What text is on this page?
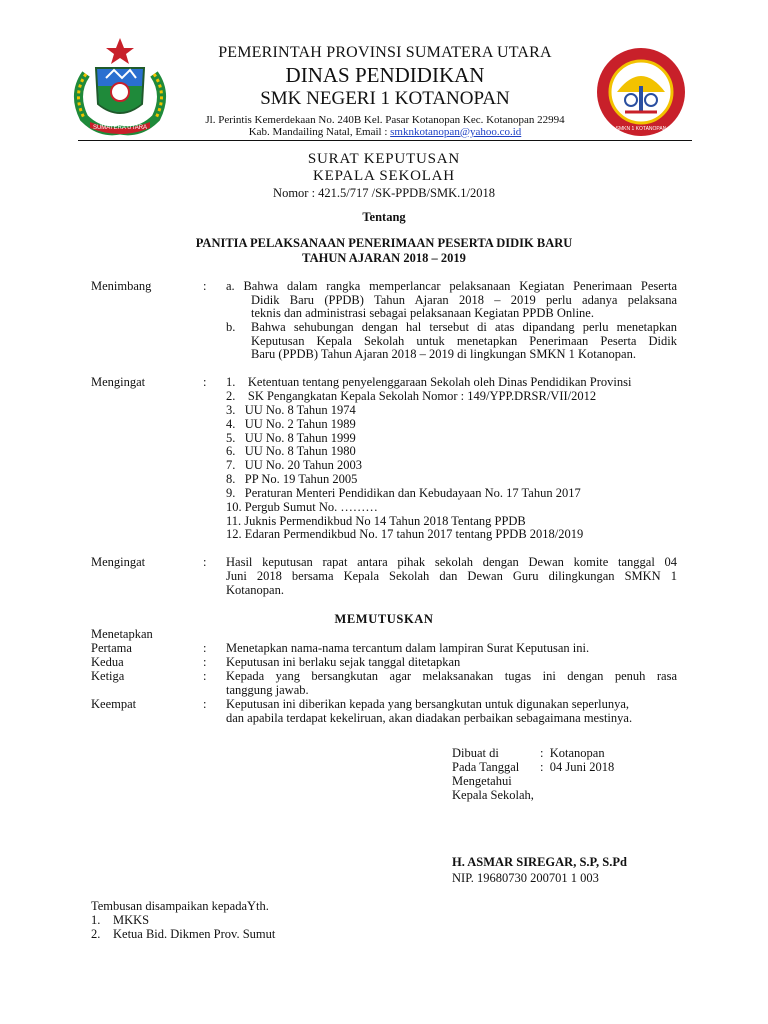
SUMATERA UTARA
PEMERINTAH PROVINSI SUMATERA UTARA
DINAS PENDIDIKAN
SMK NEGERI 1 KOTANOPAN
Jl. Perintis Kemerdekaan No. 240B Kel. Pasar Kotanopan Kec. Kotanopan 22994
Kab. Mandailing Natal, Email : smknkotanopan@yahoo.co.id	SMKN 1 KOTANOPAN
SURAT KEPUTUSAN
KEPALA SEKOLAH
Nomor : 421.5/717 /SK-PPDB/SMK.1/2018
Tentang
PANITIA PELAKSANAAN PENERIMAAN PESERTA DIDIK BARU
TAHUN AJARAN 2018 – 2019
Menimbang	: a. Bahwa dalam rangka memperlancar pelaksanaan Kegiatan Penerimaan Peserta
Didik Baru (PPDB) Tahun Ajaran 2018 – 2019 perlu adanya pelaksana
teknis dan administrasi sebagai pelaksanaan Kegiatan PPDB Online.
b. Bahwa sehubungan dengan hal tersebut di atas dipandang perlu menetapkan
Keputusan Kepala Sekolah untuk menetapkan Penerimaan Peserta Didik
Baru (PPDB) Tahun Ajaran 2018 – 2019 di lingkungan SMKN 1 Kotanopan.
Mengingat	: 1.    Ketentuan tentang penyelenggaraan Sekolah oleh Dinas Pendidikan Provinsi
2.    SK Pengangkatan Kepala Sekolah Nomor : 149/YPP.DRSR/VII/2012
3.   UU No. 8 Tahun 1974
4.   UU No. 2 Tahun 1989
5.   UU No. 8 Tahun 1999
6.   UU No. 8 Tahun 1980
7.   UU No. 20 Tahun 2003
8.   PP No. 19 Tahun 2005
9.   Peraturan Menteri Pendidikan dan Kebudayaan No. 17 Tahun 2017
10. Pergub Sumut No. ………
11. Juknis Permendikbud No 14 Tahun 2018 Tentang PPDB
12. Edaran Permendikbud No. 17 tahun 2017 tentang PPDB 2018/2019
Mengingat	: Hasil keputusan rapat antara pihak sekolah dengan Dewan komite tanggal 04
Juni 2018 bersama Kepala Sekolah dan Dewan Guru dilingkungan SMKN 1
Kotanopan.
MEMUTUSKAN
Menetapkan
Pertama	: Menetapkan nama-nama tercantum dalam lampiran Surat Keputusan ini.
Kedua	: Keputusan ini berlaku sejak tanggal ditetapkan
Ketiga	: Kepada yang bersangkutan agar melaksanakan tugas ini dengan penuh rasa
tanggung jawab.
Keempat	: Keputusan ini diberikan kepada yang bersangkutan untuk digunakan seperlunya,
dan apabila terdapat kekeliruan, akan diadakan perbaikan sebagaimana mestinya.
Dibuat di	:  Kotanopan
Pada Tanggal :  04 Juni 2018
Mengetahui
Kepala Sekolah,
H. ASMAR SIREGAR, S.P, S.Pd
NIP. 19680730 200701 1 003
Tembusan disampaikan kepadaYth.
1. MKKS
2. Ketua Bid. Dikmen Prov. Sumut
